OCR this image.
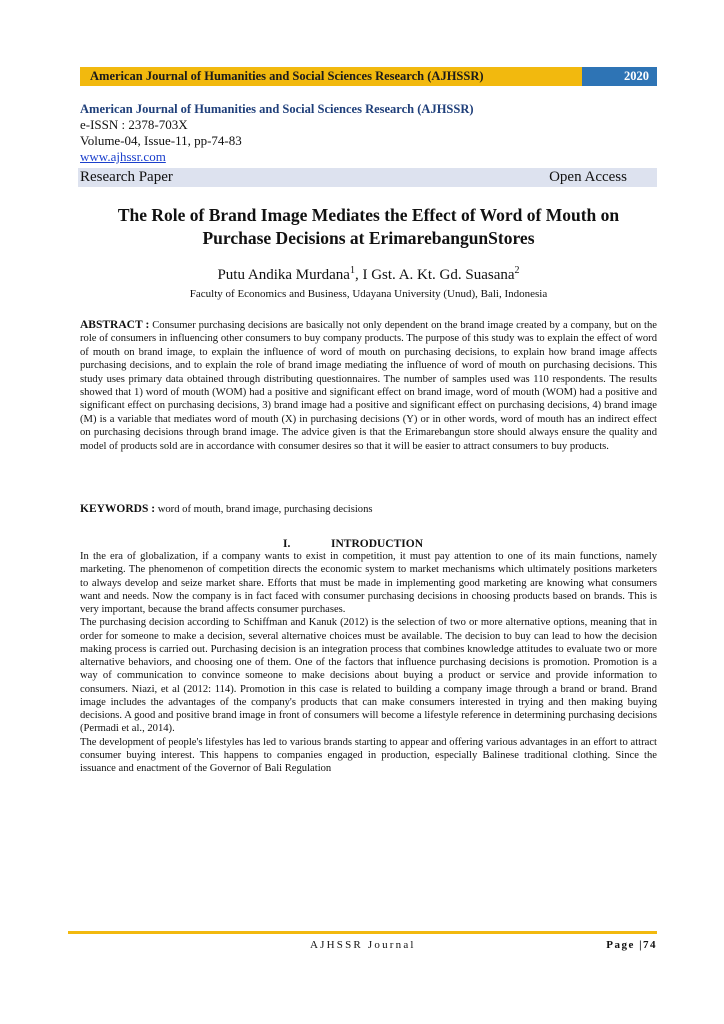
American Journal of Humanities and Social Sciences Research (AJHSSR)	2020
American Journal of Humanities and Social Sciences Research (AJHSSR)
e-ISSN : 2378-703X
Volume-04, Issue-11, pp-74-83
www.ajhssr.com
Research Paper	Open Access
The Role of Brand Image Mediates the Effect of Word of Mouth on
Purchase Decisions at ErimarebangunStores
Putu Andika Murdana$^1$, I Gst. A. Kt. Gd. Suasana$^2$
Faculty of Economics and Business, Udayana University (Unud), Bali, Indonesia
ABSTRACT : Consumer purchasing decisions are basically not only dependent on the brand image created by a company, but on the role of consumers in influencing other consumers to buy company products. The purpose of this study was to explain the effect of word of mouth on brand image, to explain the influence of word of mouth on purchasing decisions, to explain how brand image affects purchasing decisions, and to explain the role of brand image mediating the influence of word of mouth on purchasing decisions. This study uses primary data obtained through distributing questionnaires. The number of samples used was 110 respondents. The results showed that 1) word of mouth (WOM) had a positive and significant effect on brand image, word of mouth (WOM) had a positive and significant effect on purchasing decisions, 3) brand image had a positive and significant effect on purchasing decisions, 4) brand image (M) is a variable that mediates word of mouth (X) in purchasing decisions (Y) or in other words, word of mouth has an indirect effect on purchasing decisions through brand image. The advice given is that the Erimarebangun store should always ensure the quality and model of products sold are in accordance with consumer desires so that it will be easier to attract consumers to buy products.
KEYWORDS : word of mouth, brand image, purchasing decisions
I.	INTRODUCTION

In the era of globalization, if a company wants to exist in competition, it must pay attention to one of its main functions, namely marketing. The phenomenon of competition directs the economic system to market mechanisms which ultimately positions marketers to always develop and seize market share. Efforts that must be made in implementing good marketing are knowing what consumers want and needs. Now the company is in fact faced with consumer purchasing decisions in choosing products based on brands. This is very important, because the brand affects consumer purchases.

The purchasing decision according to Schiffman and Kanuk (2012) is the selection of two or more alternative options, meaning that in order for someone to make a decision, several alternative choices must be available. The decision to buy can lead to how the decision making process is carried out. Purchasing decision is an integration process that combines knowledge attitudes to evaluate two or more alternative behaviors, and choosing one of them. One of the factors that influence purchasing decisions is promotion. Promotion is a way of communication to convince someone to make decisions about buying a product or service and provide information to consumers. Niazi, et al (2012: 114). Promotion in this case is related to building a company image through a brand or brand. Brand image includes the advantages of the company's products that can make consumers interested in trying and then making buying decisions. A good and positive brand image in front of consumers will become a lifestyle reference in determining purchasing decisions (Permadi et al., 2014).

The development of people's lifestyles has led to various brands starting to appear and offering various advantages in an effort to attract consumer buying interest. This happens to companies engaged in production, especially Balinese traditional clothing. Since the issuance and enactment of the Governor of Bali Regulation

AJHSSR Journal	Page |74
